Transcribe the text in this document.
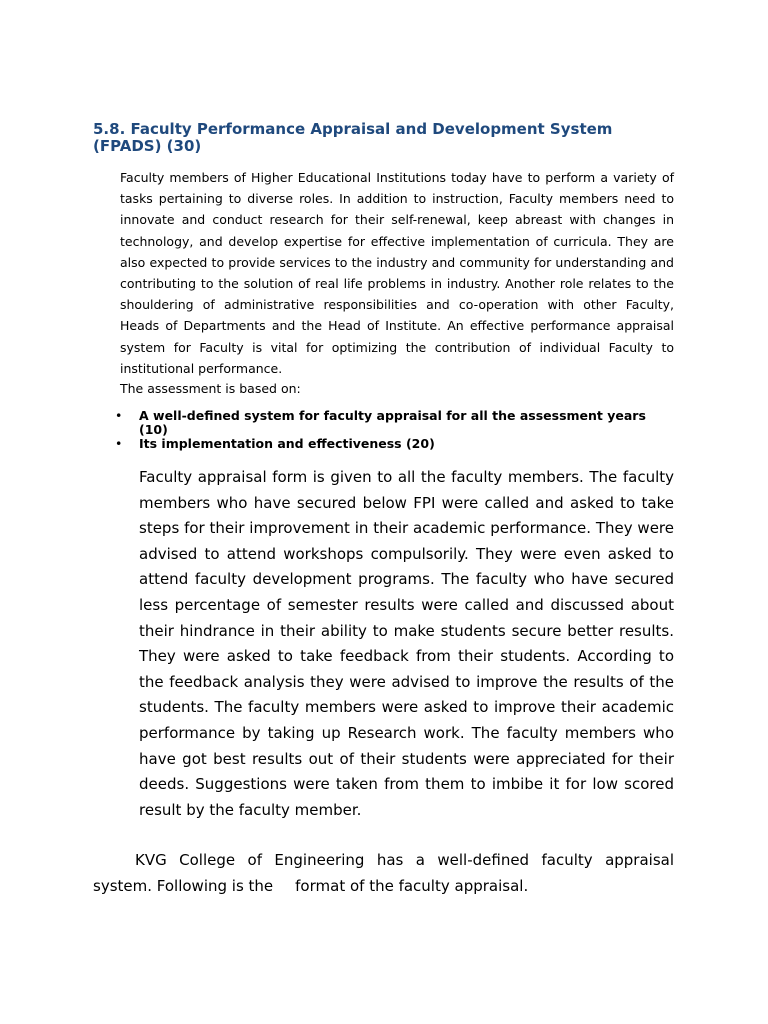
5.8. Faculty Performance Appraisal and Development System (FPADS) (30)

Faculty members of Higher Educational Institutions today have to perform a variety of tasks pertaining to diverse roles. In addition to instruction, Faculty members need to innovate and conduct research for their self-renewal, keep abreast with changes in technology, and develop expertise for effective implementation of curricula. They are also expected to provide services to the industry and community for understanding and contributing to the solution of real life problems in industry. Another role relates to the shouldering of administrative responsibilities and co-operation with other Faculty, Heads of Departments and the Head of Institute. An effective performance appraisal system for Faculty is vital for optimizing the contribution of individual Faculty to institutional performance.

The assessment is based on:

• A well-defined system for faculty appraisal for all the assessment years (10)
• Its implementation and effectiveness (20)

Faculty appraisal form is given to all the faculty members. The faculty members who have secured below FPI were called and asked to take steps for their improvement in their academic performance. They were advised to attend workshops compulsorily. They were even asked to attend faculty development programs. The faculty who have secured less percentage of semester results were called and discussed about their hindrance in their ability to make students secure better results. They were asked to take feedback from their students. According to the feedback analysis they were advised to improve the results of the students. The faculty members were asked to improve their academic performance by taking up Research work. The faculty members who have got best results out of their students were appreciated for their deeds. Suggestions were taken from them to imbibe it for low scored result by the faculty member.

KVG College of Engineering has a well-defined faculty appraisal system. Following is the format of the faculty appraisal.
